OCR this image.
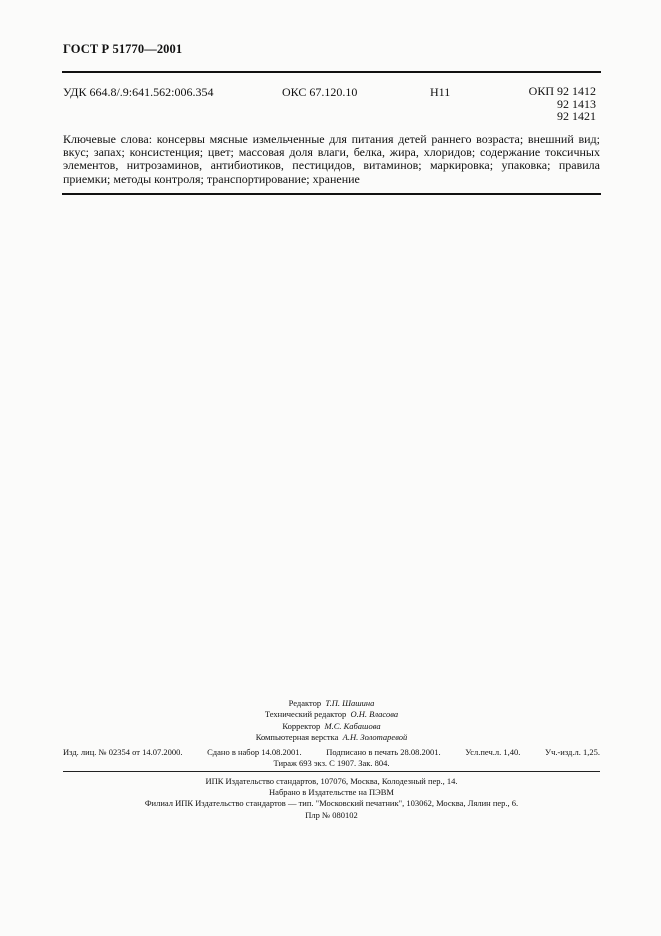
ГОСТ Р 51770—2001
УДК 664.8/.9:641.562:006.354	ОКС 67.120.10	Н11	ОКП 92 1412
92 1413
92 1421
Ключевые слова: консервы мясные измельченные для питания детей раннего возраста; внешний вид; вкус; запах; консистенция; цвет; массовая доля влаги, белка, жира, хлоридов; содержание токсичных элементов, нитрозаминов, антибиотиков, пестицидов, витаминов; маркировка; упаковка; правила приемки; методы контроля; транспортирование; хранение
Редактор Т.П. Шашина
Технический редактор О.Н. Власова
Корректор М.С. Кабашова
Компьютерная верстка А.Н. Золотаревой
Изд. лиц. № 02354 от 14.07.2000.	Сдано в набор 14.08.2001.	Подписано в печать 28.08.2001.	Усл.печ.л. 1,40.	Уч.-изд.л. 1,25.
Тираж 693 экз. С 1907. Зак. 804.
ИПК Издательство стандартов, 107076, Москва, Колодезный пер., 14.
Набрано в Издательстве на ПЭВМ
Филиал ИПК Издательство стандартов — тип. "Московский печатник", 103062, Москва, Лялин пер., 6.
Плр № 080102
